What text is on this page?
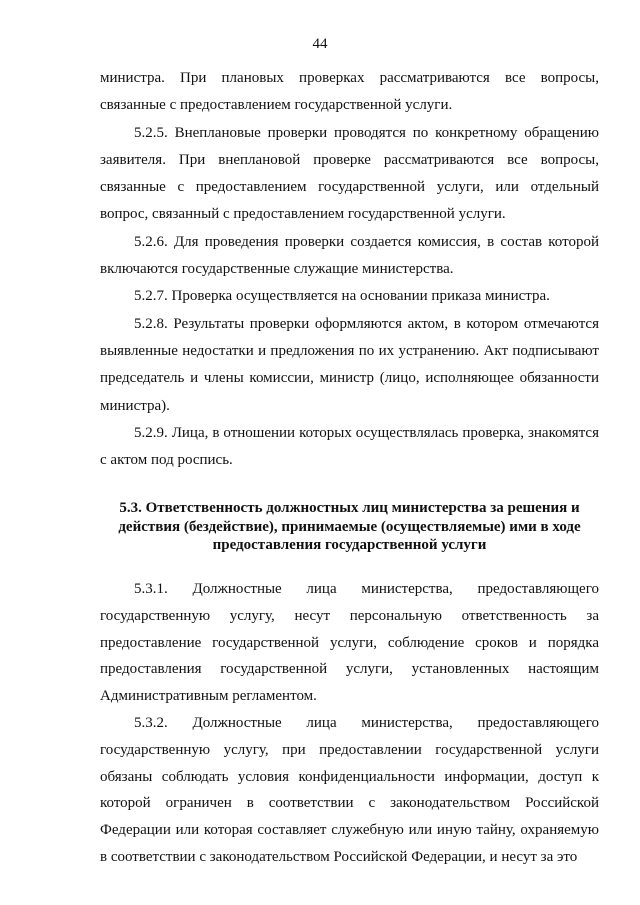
44

министра. При плановых проверках рассматриваются все вопросы, связанные с предоставлением государственной услуги.

5.2.5. Внеплановые проверки проводятся по конкретному обращению заявителя. При внеплановой проверке рассматриваются все вопросы, связанные с предоставлением государственной услуги, или отдельный вопрос, связанный с предоставлением государственной услуги.

5.2.6. Для проведения проверки создается комиссия, в состав которой включаются государственные служащие министерства.

5.2.7. Проверка осуществляется на основании приказа министра.

5.2.8. Результаты проверки оформляются актом, в котором отмечаются выявленные недостатки и предложения по их устранению. Акт подписывают председатель и члены комиссии, министр (лицо, исполняющее обязанности министра).

5.2.9. Лица, в отношении которых осуществлялась проверка, знакомятся с актом под роспись.

5.3. Ответственность должностных лиц министерства за решения и
действия (бездействие), принимаемые (осуществляемые) ими в ходе
предоставления государственной услуги

5.3.1. Должностные лица министерства, предоставляющего государственную услугу, несут персональную ответственность за предоставление государственной услуги, соблюдение сроков и порядка предоставления государственной услуги, установленных настоящим Административным регламентом.

5.3.2. Должностные лица министерства, предоставляющего государственную услугу, при предоставлении государственной услуги обязаны соблюдать условия конфиденциальности информации, доступ к которой ограничен в соответствии с законодательством Российской Федерации или которая составляет служебную или иную тайну, охраняемую в соответствии с законодательством Российской Федерации, и несут за это
